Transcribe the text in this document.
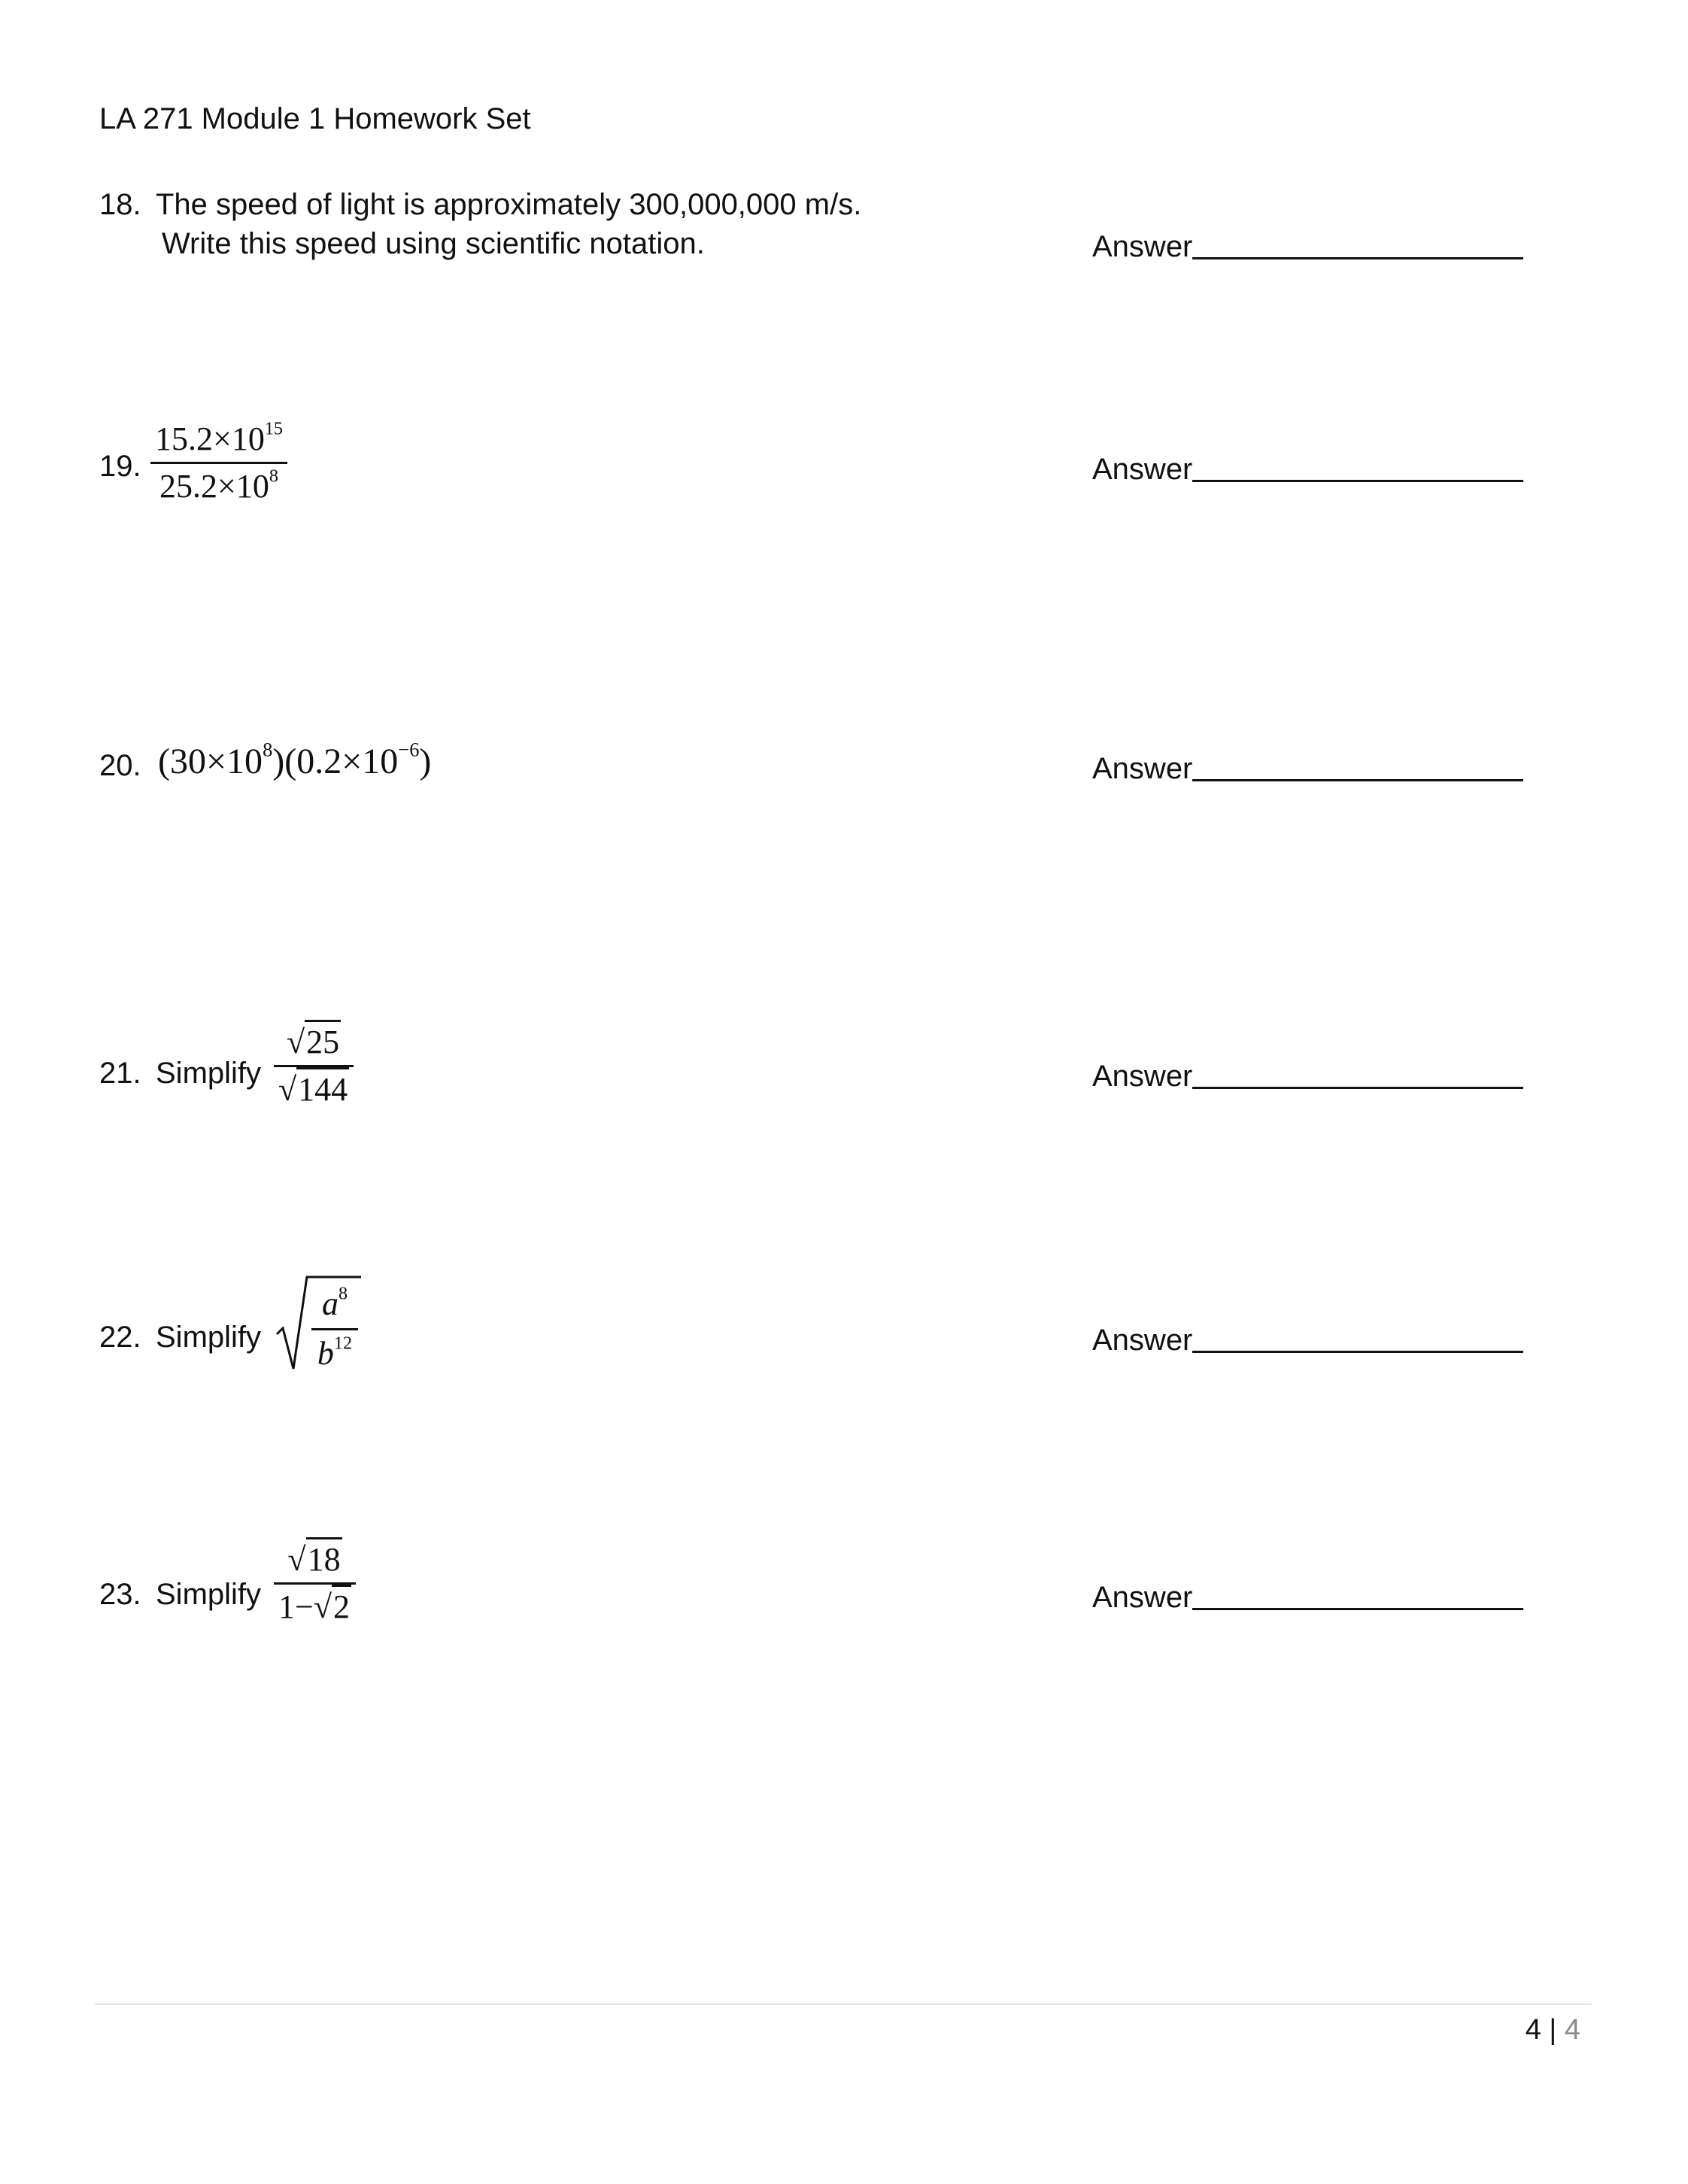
LA 271 Module 1 Homework Set
18. The speed of light is approximately 300,000,000 m/s.
Write this speed using scientific notation.	Answer
19. $\frac{15.2\times 10^{15}}{25.2\times 10^8}$	Answer
20. $(30\times 10^8)(0.2\times 10^{-6})$	Answer
21. Simplify $\frac{√25}{√144}$	Answer
22. Simplify
$a^8$
$b^{12}$	Answer
23. Simplify $\frac{√18}{1-√2}$	Answer
4 | 4
